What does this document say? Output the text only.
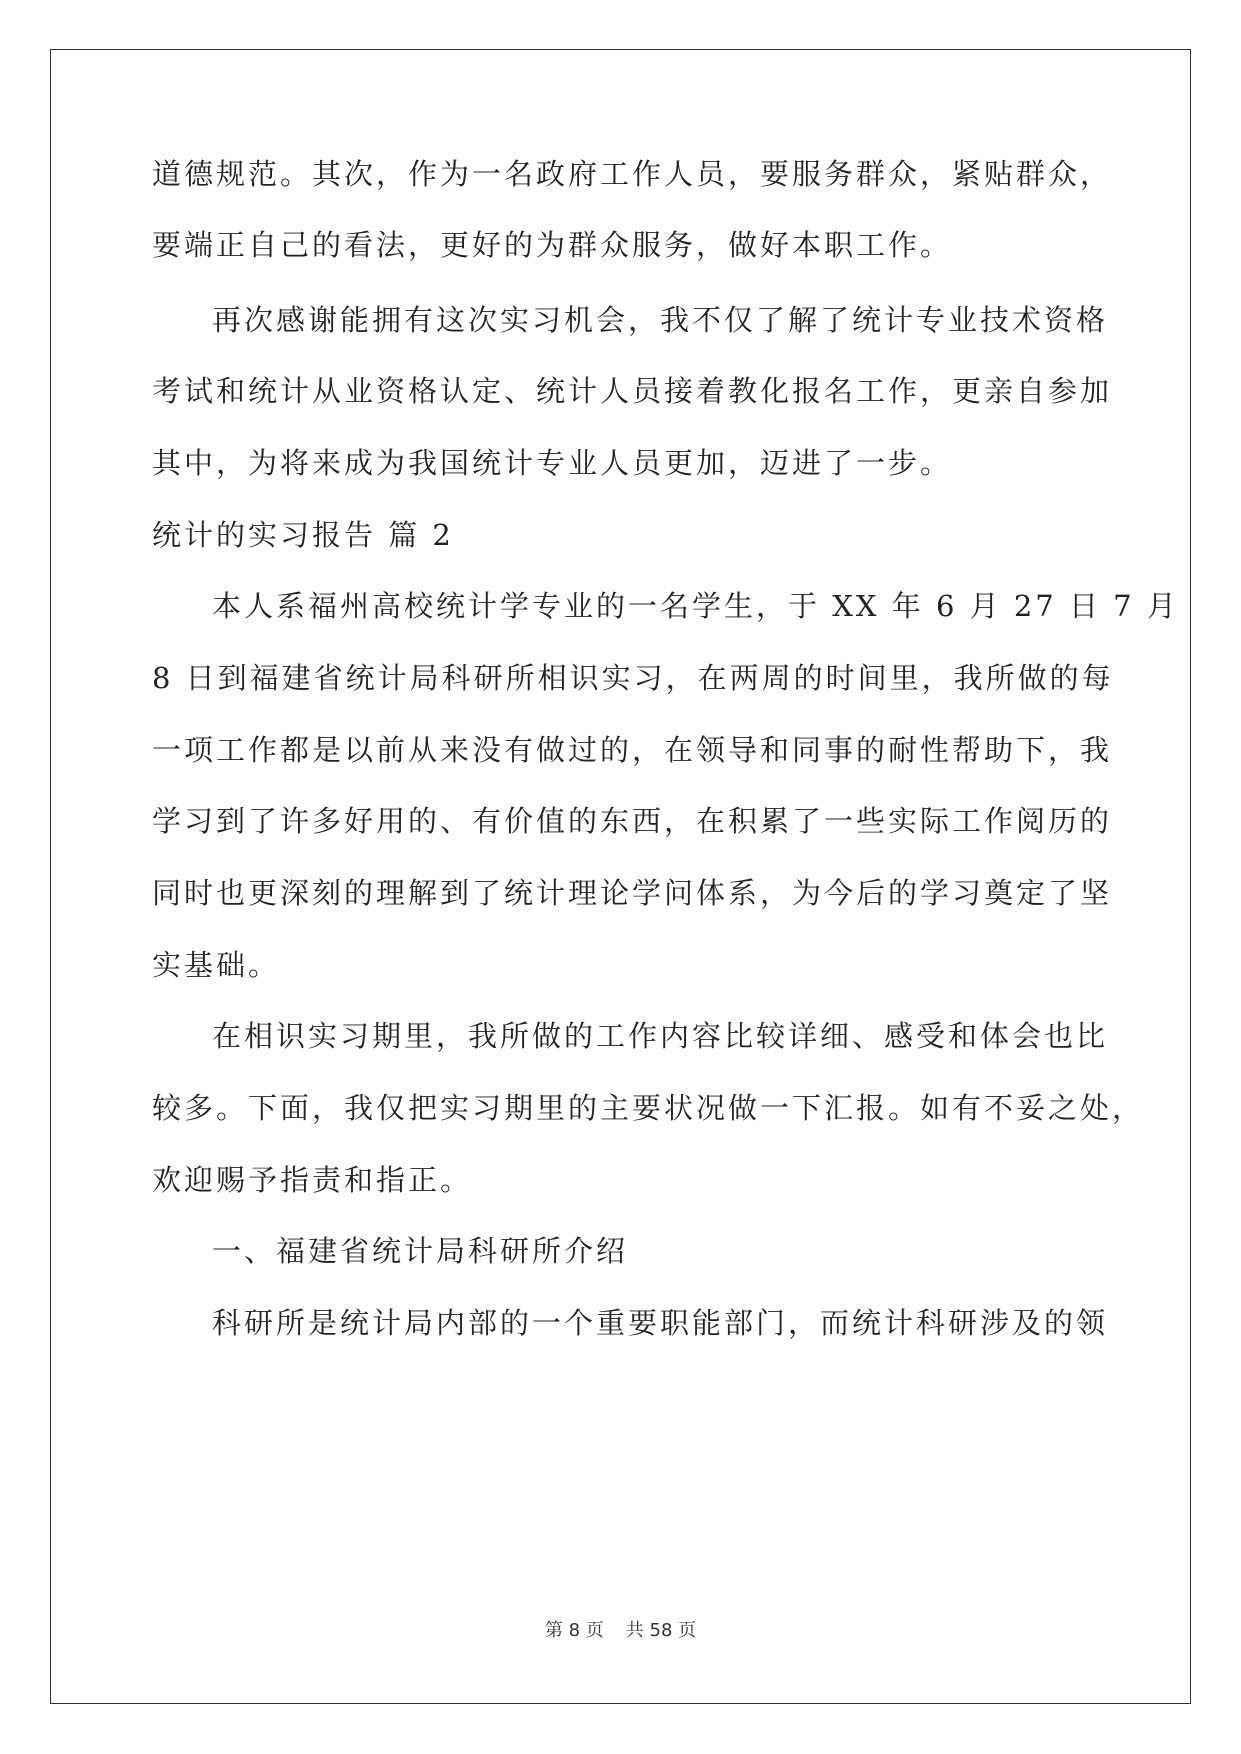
道德规范。其次，作为一名政府工作人员，要服务群众，紧贴群众，
要端正自己的看法，更好的为群众服务，做好本职工作。
再次感谢能拥有这次实习机会，我不仅了解了统计专业技术资格
考试和统计从业资格认定、统计人员接着教化报名工作，更亲自参加
其中，为将来成为我国统计专业人员更加，迈进了一步。
统计的实习报告 篇 2
本人系福州高校统计学专业的一名学生，于 XX 年 6 月 27 日 7 月
8 日到福建省统计局科研所相识实习，在两周的时间里，我所做的每
一项工作都是以前从来没有做过的，在领导和同事的耐性帮助下，我
学习到了许多好用的、有价值的东西，在积累了一些实际工作阅历的
同时也更深刻的理解到了统计理论学问体系，为今后的学习奠定了坚
实基础。
在相识实习期里，我所做的工作内容比较详细、感受和体会也比
较多。下面，我仅把实习期里的主要状况做一下汇报。如有不妥之处，
欢迎赐予指责和指正。
一、福建省统计局科研所介绍
科研所是统计局内部的一个重要职能部门，而统计科研涉及的领
第 8 页 共 58 页
